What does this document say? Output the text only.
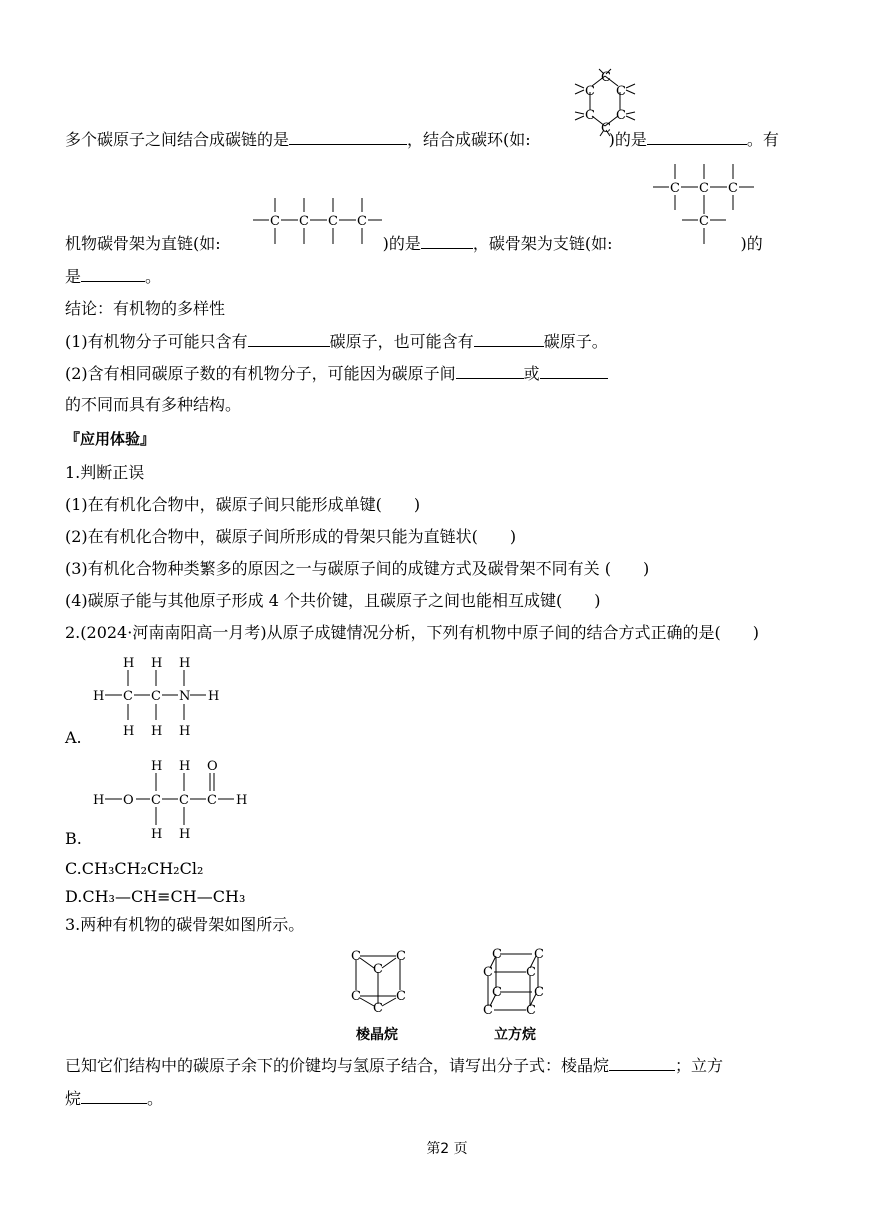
多个碳原子之间结合成碳链的是	，结合成碳环(如:	)的是	。有
C
C C
C C
C
机物碳骨架为直链(如:	)的是	，碳骨架为支链(如:	)的
C C C C
C C C
C
是	。
结论：有机物的多样性
(1)有机物分子可能只含有	碳原子，也可能含有	碳原子。
(2)含有相同碳原子数的有机物分子，可能因为碳原子间	或
的不同而具有多种结构。
『应用体验』
1.判断正误
(1)在有机化合物中，碳原子间只能形成单键(　　)
(2)在有机化合物中，碳原子间所形成的骨架只能为直链状(　　)
(3)有机化合物种类繁多的原因之一与碳原子间的成键方式及碳骨架不同有关 (　　)
(4)碳原子能与其他原子形成 4 个共价键，且碳原子之间也能相互成键(　　)
2.(2024·河南南阳高一月考)从原子成键情况分析，下列有机物中原子间的结合方式正确的是(　　)
H H H
H C C N H
H H H
A.
H O
H H O
C C C H
H H
B.
C.CH₃CH₂CH₂Cl₂
D.CH₃—CH≡CH—CH₃
3.两种有机物的碳骨架如图所示。
C	C
C
C	C
C
棱晶烷
C C
C	C
C C
C	C
立方烷
已知它们结构中的碳原子余下的价键均与氢原子结合，请写出分子式：棱晶烷	；立方
烷	。
第2 页
